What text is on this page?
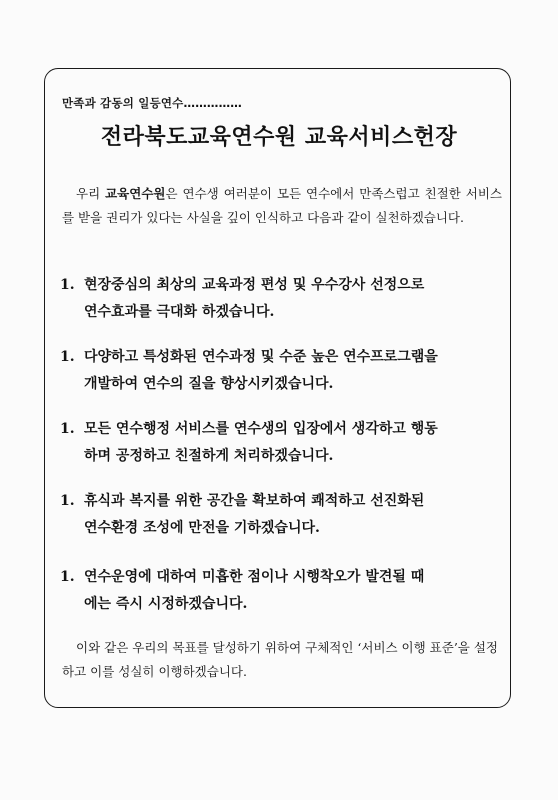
만족과 감동의 일등연수……………
전라북도교육연수원 교육서비스헌장

우리 교육연수원은 연수생 여러분이 모든 연수에서 만족스럽고 친절한 서비스를 받을 권리가 있다는 사실을 깊이 인식하고 다음과 같이 실천하겠습니다.

1. 현장중심의 최상의 교육과정 편성 및 우수강사 선정으로
연수효과를 극대화 하겠습니다.
1. 다양하고 특성화된 연수과정 및 수준 높은 연수프로그램을
개발하여 연수의 질을 향상시키겠습니다.
1. 모든 연수행정 서비스를 연수생의 입장에서 생각하고 행동
하며 공정하고 친절하게 처리하겠습니다.
1. 휴식과 복지를 위한 공간을 확보하여 쾌적하고 선진화된
연수환경 조성에 만전을 기하겠습니다.
1. 연수운영에 대하여 미흡한 점이나 시행착오가 발견될 때
에는 즉시 시정하겠습니다.

이와 같은 우리의 목표를 달성하기 위하여 구체적인 ‘서비스 이행 표준’을 설정하고 이를 성실히 이행하겠습니다.
